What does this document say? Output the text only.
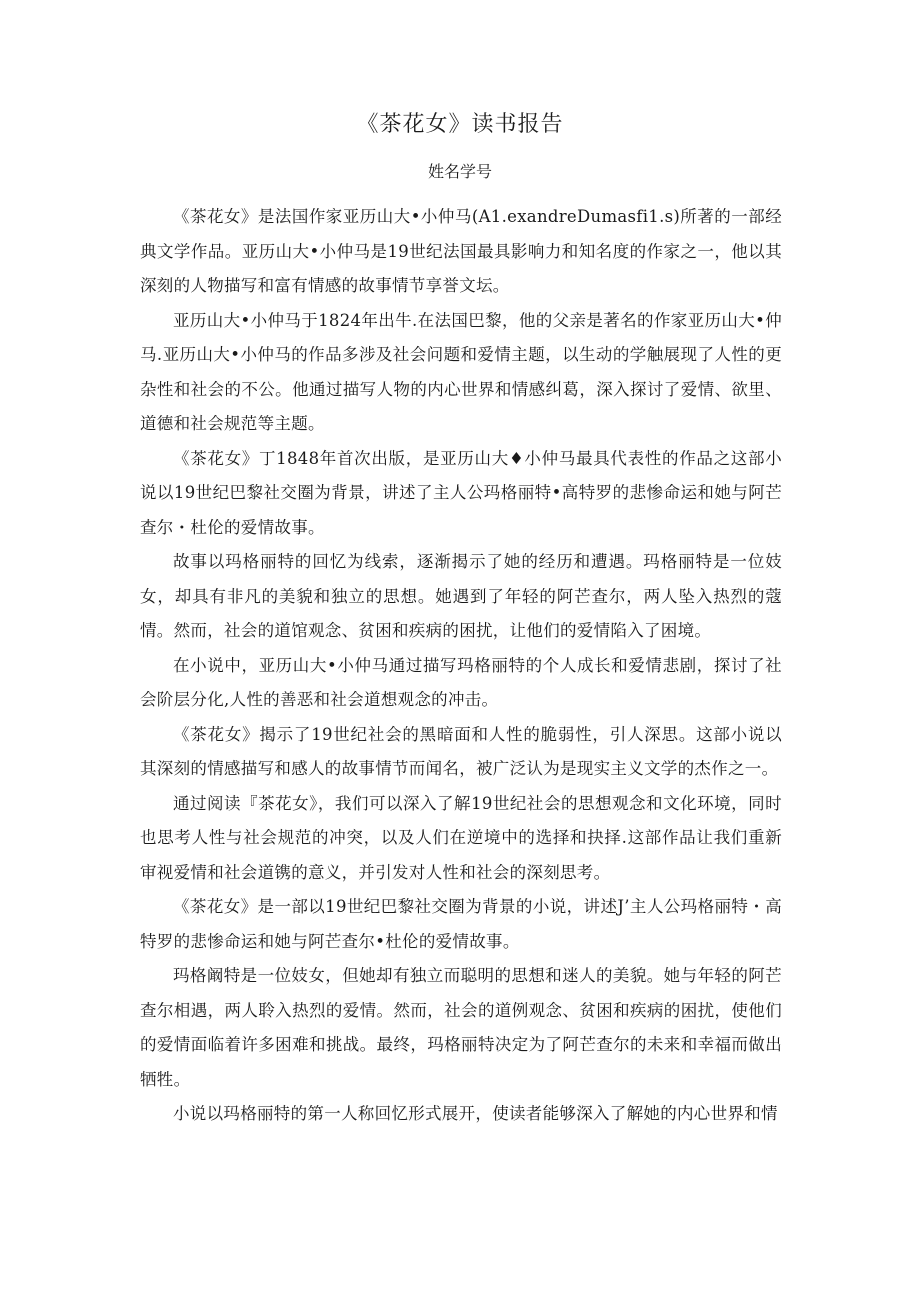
《茶花女》读书报告
姓名学号

《茶花女》是法国作家亚历山大•小仲马(A1.exandreDumasfi1.s)所著的一部经典文学作品。亚历山大•小仲马是19世纪法国最具影响力和知名度的作家之一，他以其深刻的人物描写和富有情感的故事情节享誉文坛。

亚历山大•小仲马于1824年出牛.在法国巴黎，他的父亲是著名的作家亚历山大•仲马.亚历山大•小仲马的作品多涉及社会问题和爱情主题，以生动的学触展现了人性的更杂性和社会的不公。他通过描写人物的内心世界和情感纠葛，深入探讨了爱情、欲里、道德和社会规范等主题。

《茶花女》丁1848年首次出版，是亚历山大♦小仲马最具代表性的作品之这部小说以19世纪巴黎社交圈为背景，讲述了主人公玛格丽特•高特罗的悲惨命运和她与阿芒查尔・杜伦的爱情故事。

故事以玛格丽特的回忆为线索，逐渐揭示了她的经历和遭遇。玛格丽特是一位妓女，却具有非凡的美貌和独立的思想。她遇到了年轻的阿芒查尔，两人坠入热烈的蔻情。然而，社会的道馆观念、贫困和疾病的困扰，让他们的爱情陷入了困境。

在小说中，亚历山大•小仲马通过描写玛格丽特的个人成长和爱情悲剧，探讨了社会阶层分化,人性的善恶和社会道想观念的冲击。

《茶花女》揭示了19世纪社会的黑暗面和人性的脆弱性，引人深思。这部小说以其深刻的情感描写和感人的故事情节而闻名，被广泛认为是现实主义文学的杰作之一。

通过阅读『茶花女》，我们可以深入了解19世纪社会的思想观念和文化环境，同时也思考人性与社会规范的冲突，以及人们在逆境中的选择和抉择.这部作品让我们重新审视爱情和社会道镌的意义，并引发对人性和社会的深刻思考。

《茶花女》是一部以19世纪巴黎社交圈为背景的小说，讲述J’主人公玛格丽特・高特罗的悲惨命运和她与阿芒查尔•杜伦的爱情故事。

玛格阚特是一位妓女，但她却有独立而聪明的思想和迷人的美貌。她与年轻的阿芒查尔相遇，两人聆入热烈的爱情。然而，社会的道例观念、贫困和疾病的困扰，使他们的爱情面临着许多困难和挑战。最终，玛格丽特决定为了阿芒查尔的未来和幸福而做出牺牲。

小说以玛格丽特的第一人称回忆形式展开，使读者能够深入了解她的内心世界和情
